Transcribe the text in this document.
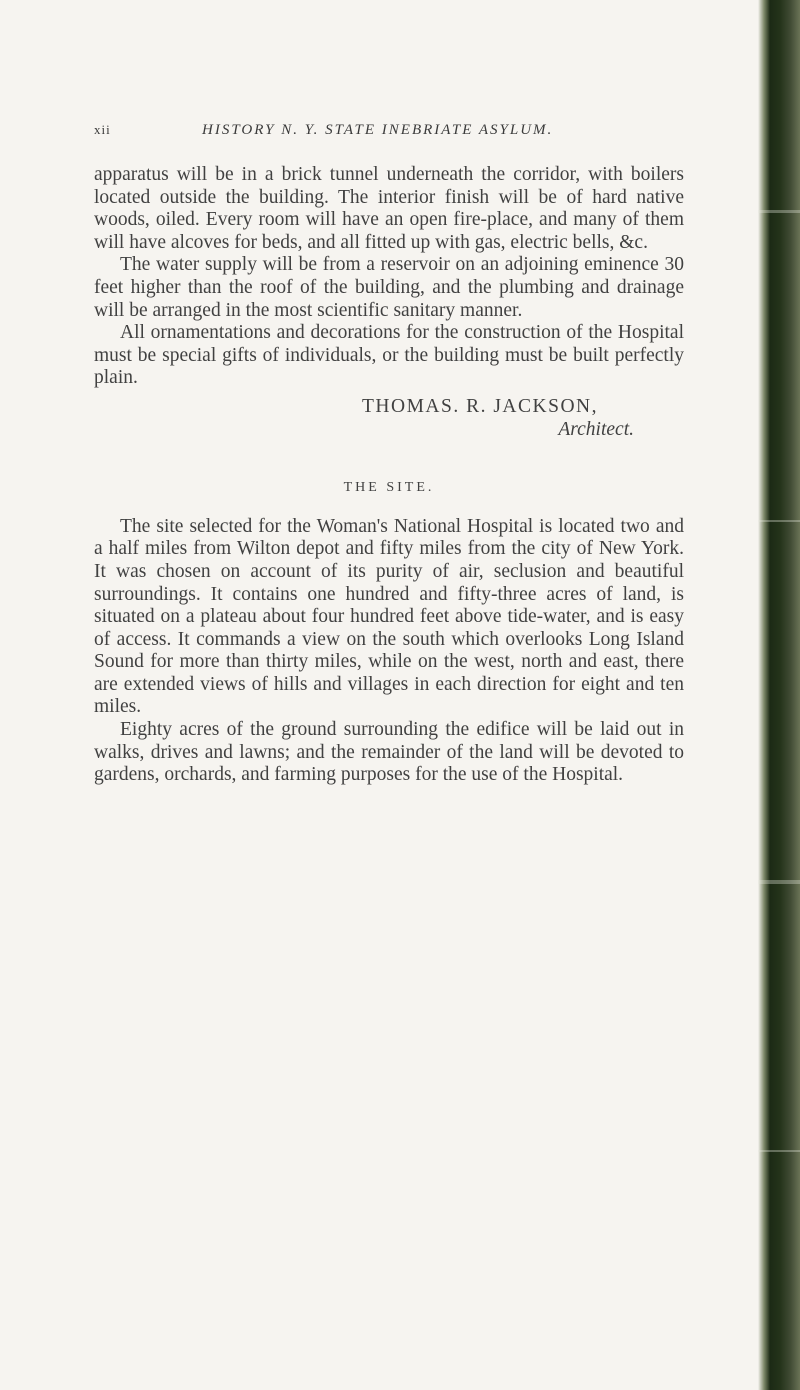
xii	HISTORY N. Y. STATE INEBRIATE ASYLUM.

apparatus will be in a brick tunnel underneath the corridor, with boilers located outside the building. The interior finish will be of hard native woods, oiled. Every room will have an open fire-place, and many of them will have alcoves for beds, and all fitted up with gas, electric bells, &c.

The water supply will be from a reservoir on an adjoining eminence 30 feet higher than the roof of the building, and the plumbing and drainage will be arranged in the most scientific sanitary manner.

All ornamentations and decorations for the construction of the Hospital must be special gifts of individuals, or the building must be built perfectly plain.

THOMAS. R. JACKSON,

Architect.

THE SITE.

The site selected for the Woman's National Hospital is located two and a half miles from Wilton depot and fifty miles from the city of New York. It was chosen on account of its purity of air, seclusion and beautiful surroundings. It contains one hundred and fifty-three acres of land, is situated on a plateau about four hundred feet above tide-water, and is easy of access. It commands a view on the south which overlooks Long Island Sound for more than thirty miles, while on the west, north and east, there are extended views of hills and villages in each direction for eight and ten miles.

Eighty acres of the ground surrounding the edifice will be laid out in walks, drives and lawns; and the remainder of the land will be devoted to gardens, orchards, and farming purposes for the use of the Hospital.
